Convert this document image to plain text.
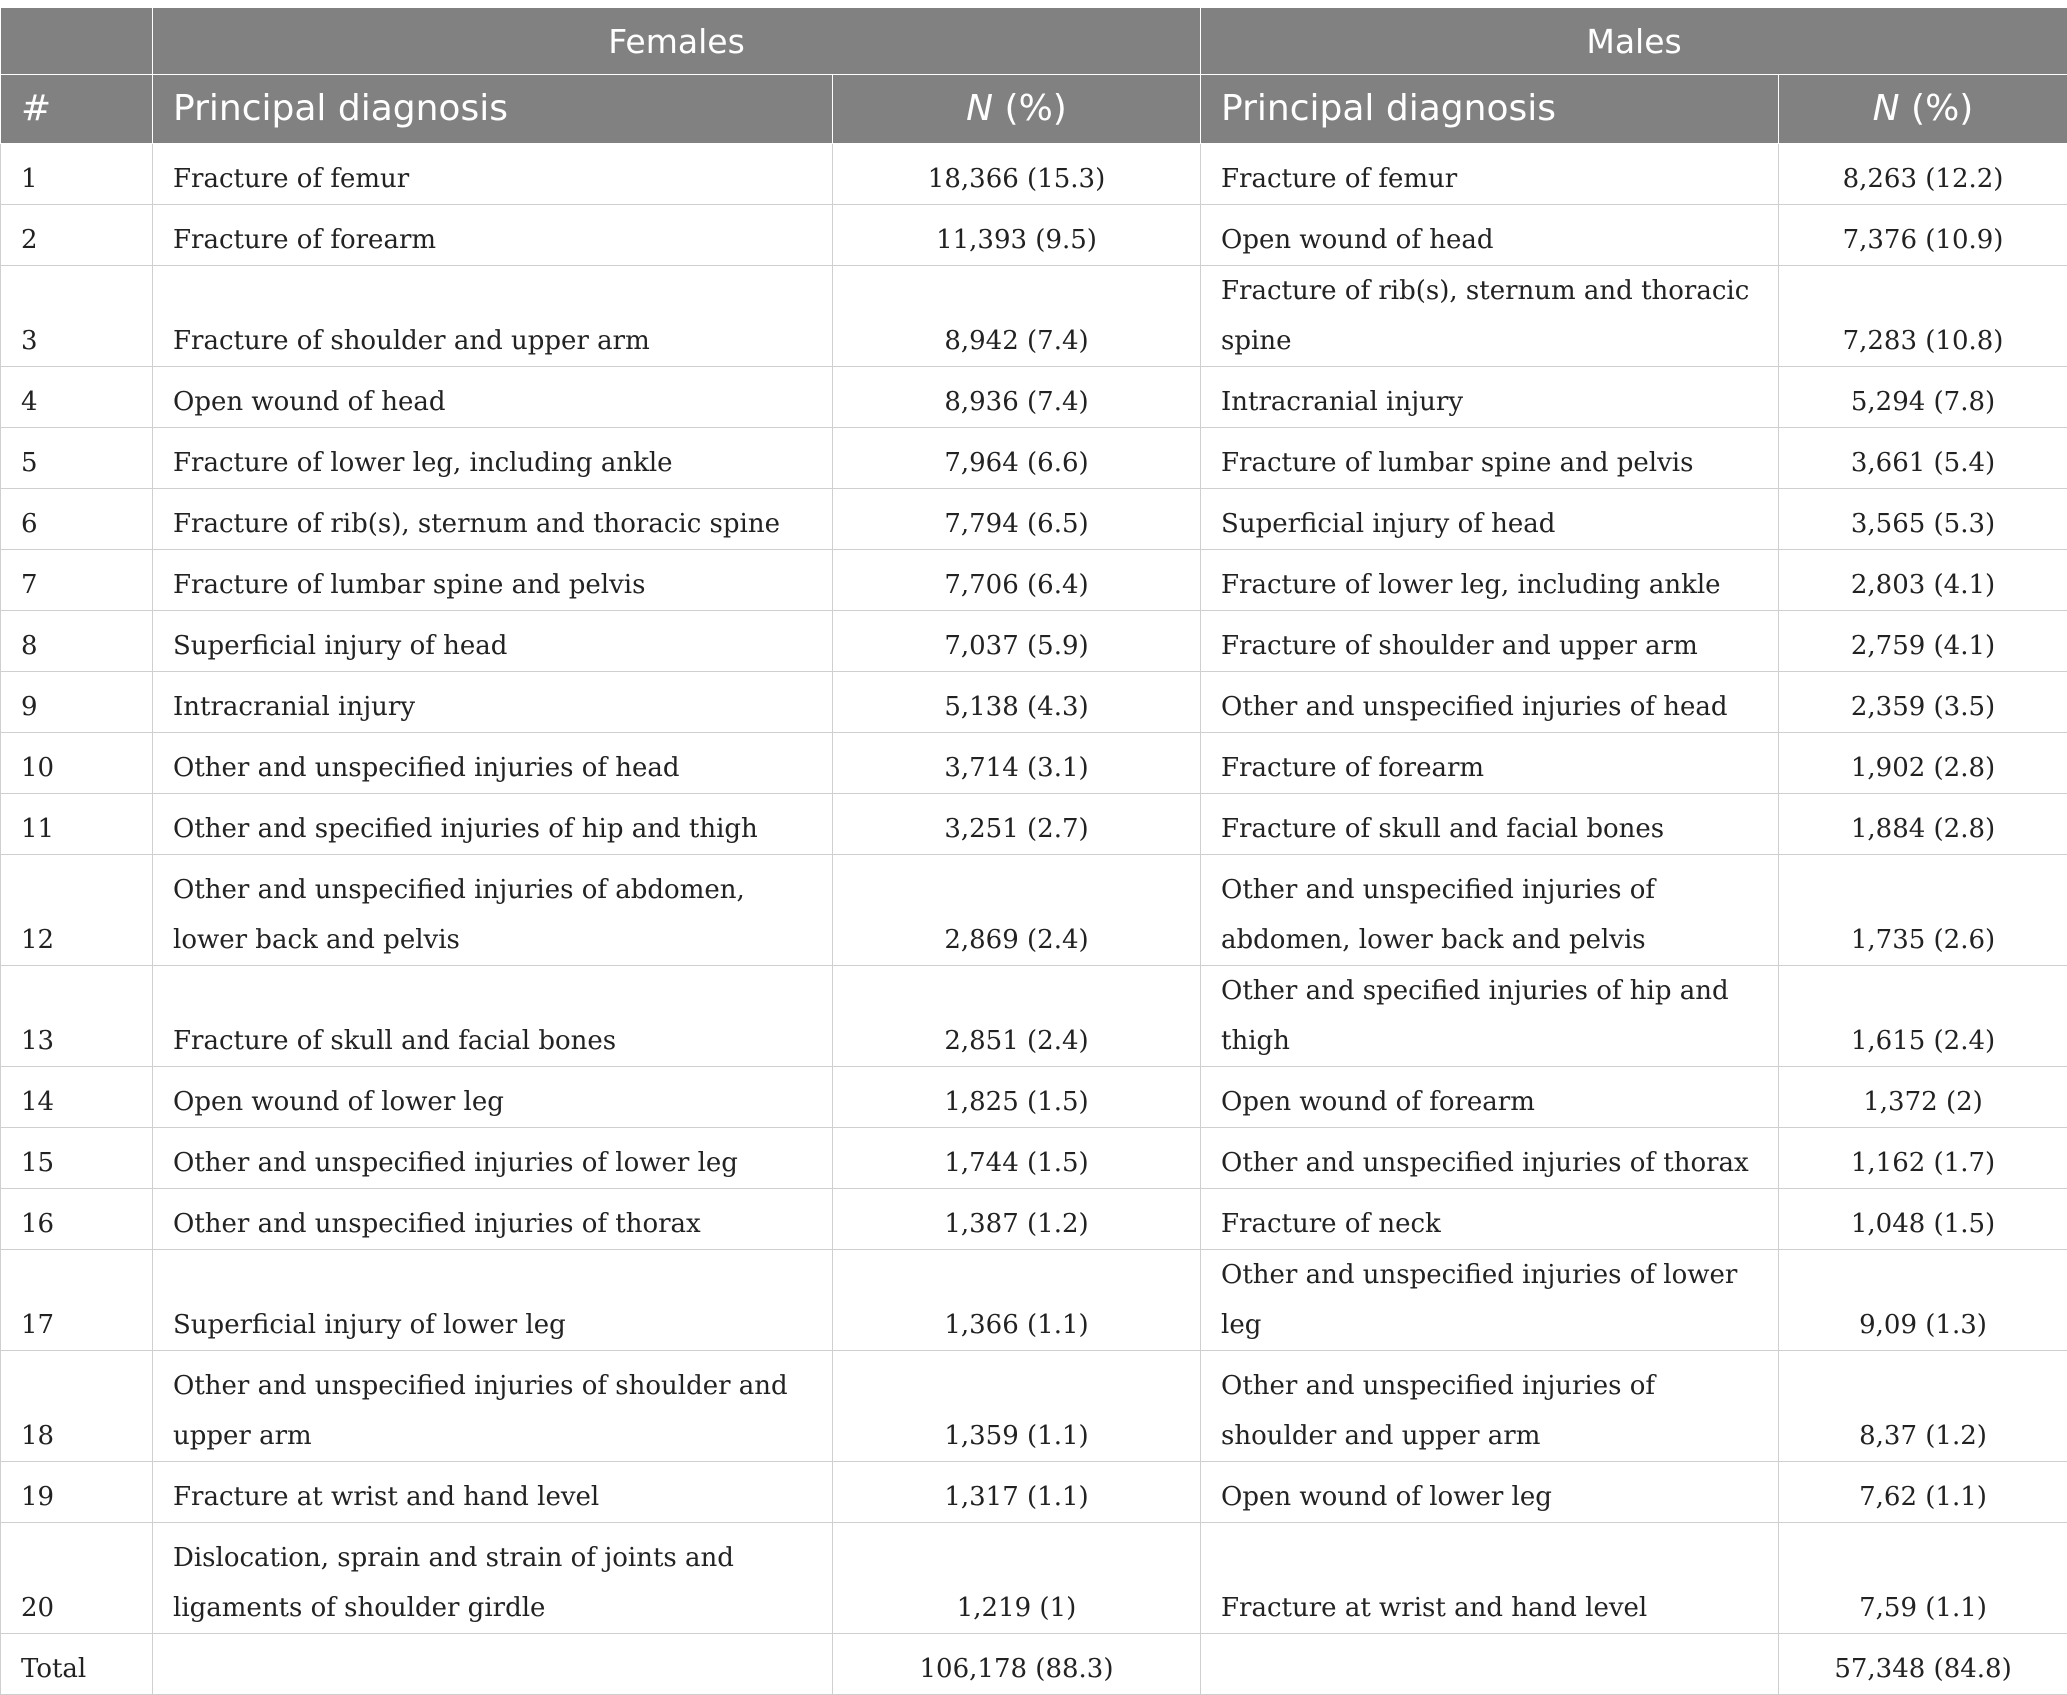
	Females		Males	
#	Principal diagnosis	N (%)	Principal diagnosis	N (%)
1	Fracture of femur	18,366 (15.3)	Fracture of femur	8,263 (12.2)
2	Fracture of forearm	11,393 (9.5)	Open wound of head	7,376 (10.9)
3	Fracture of shoulder and upper arm	8,942 (7.4)	Fracture of rib(s), sternum and thoracic spine	7,283 (10.8)
4	Open wound of head	8,936 (7.4)	Intracranial injury	5,294 (7.8)
5	Fracture of lower leg, including ankle	7,964 (6.6)	Fracture of lumbar spine and pelvis	3,661 (5.4)
6	Fracture of rib(s), sternum and thoracic spine	7,794 (6.5)	Superficial injury of head	3,565 (5.3)
7	Fracture of lumbar spine and pelvis	7,706 (6.4)	Fracture of lower leg, including ankle	2,803 (4.1)
8	Superficial injury of head	7,037 (5.9)	Fracture of shoulder and upper arm	2,759 (4.1)
9	Intracranial injury	5,138 (4.3)	Other and unspecified injuries of head	2,359 (3.5)
10	Other and unspecified injuries of head	3,714 (3.1)	Fracture of forearm	1,902 (2.8)
11	Other and specified injuries of hip and thigh	3,251 (2.7)	Fracture of skull and facial bones	1,884 (2.8)
12	Other and unspecified injuries of abdomen, lower back and pelvis	2,869 (2.4)	Other and unspecified injuries of abdomen, lower back and pelvis	1,735 (2.6)
13	Fracture of skull and facial bones	2,851 (2.4)	Other and specified injuries of hip and thigh	1,615 (2.4)
14	Open wound of lower leg	1,825 (1.5)	Open wound of forearm	1,372 (2)
15	Other and unspecified injuries of lower leg	1,744 (1.5)	Other and unspecified injuries of thorax	1,162 (1.7)
16	Other and unspecified injuries of thorax	1,387 (1.2)	Fracture of neck	1,048 (1.5)
17	Superficial injury of lower leg	1,366 (1.1)	Other and unspecified injuries of lower leg	9,09 (1.3)
18	Other and unspecified injuries of shoulder and upper arm	1,359 (1.1)	Other and unspecified injuries of shoulder and upper arm	8,37 (1.2)
19	Fracture at wrist and hand level	1,317 (1.1)	Open wound of lower leg	7,62 (1.1)
20	Dislocation, sprain and strain of joints and ligaments of shoulder girdle	1,219 (1)	Fracture at wrist and hand level	7,59 (1.1)
Total		106,178 (88.3)		57,348 (84.8)
